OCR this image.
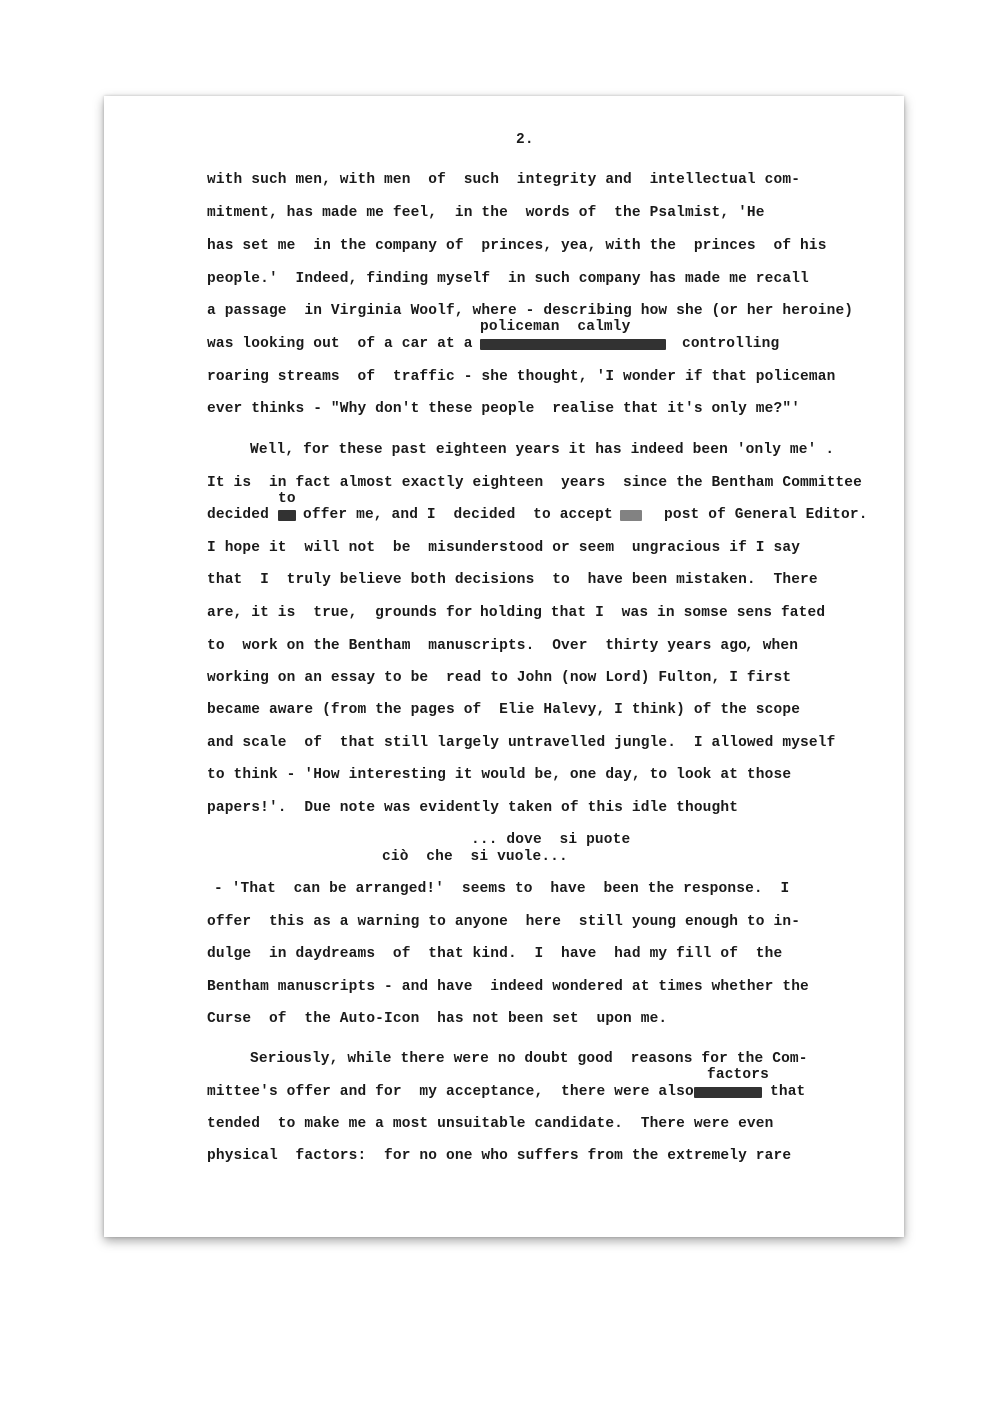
2.

with such men, with men  of  such  integrity and  intellectual com-

mitment, has made me feel,  in the  words of  the Psalmist, 'He

has set me  in the company of  princes, yea, with the  princes  of his

people.'  Indeed, finding myself  in such company has made me recall

a passage  in Virginia Woolf, where - describing how she (or her heroine)

policeman  calmly

was looking out  of a car at a	controlling

roaring streams  of  traffic - she thought, 'I wonder if that policeman

ever thinks - "Why don't these people  realise that it's only me?"'

Well, for these past eighteen years it has indeed been 'only me' .

It is  in fact almost exactly eighteen  years  since the Bentham Committee

to

decided offer me, and I  decided  to accept	post of General Editor.

I hope it  will not  be  misunderstood or seem  ungracious if I say

that  I  truly believe both decisions  to  have been mistaken.  There

are, it is  true,  grounds for holding that I  was in somse sens fated

to  work on the Bentham  manuscripts.  Over  thirty years ago

, when

working on an essay to be  read to John (now Lord) Fulton, I first

became aware (from the pages of  Elie Halevy, I think) of the scope

and scale  of  that still largely untravelled jungle.  I allowed myself

to think - 'How interesting it would be, one day, to look at those

papers!'.  Due note was evidently taken of this idle thought

... dove  si puote

ciò  che  si vuole...

- 'That  can be arranged!'  seems to  have  been the response.  I

offer  this as a warning to anyone  here  still young enough to in-

dulge  in daydreams  of  that kind.  I  have  had my fill of  the

Bentham manuscripts - and have  indeed wondered at times whether the

Curse  of  the Auto-Icon  has not been set  upon me.

Seriously, while there were no doubt good  reasons for the Com-

factors

mittee's offer and for  my acceptance,  there were also	that

tended  to make me a most unsuitable candidate.  There were even

physical  factors:  for no one who suffers from the extremely rare
